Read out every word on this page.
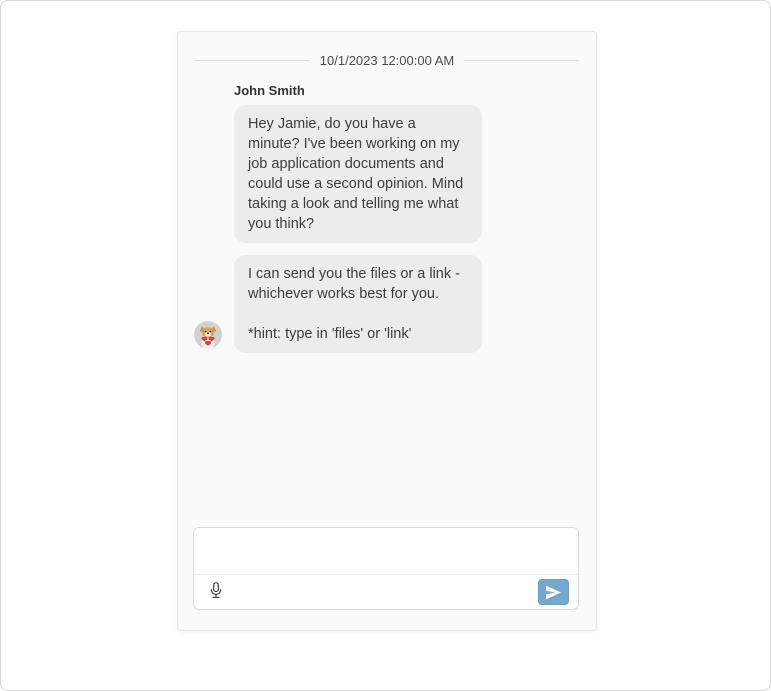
10/1/2023 12:00:00 AM
John Smith

Hey Jamie, do you have a minute? I've been working on my job application documents and could use a second opinion. Mind taking a look and telling me what you think?

I can send you the files or a link - whichever works best for you.

*hint: type in 'files' or 'link'
